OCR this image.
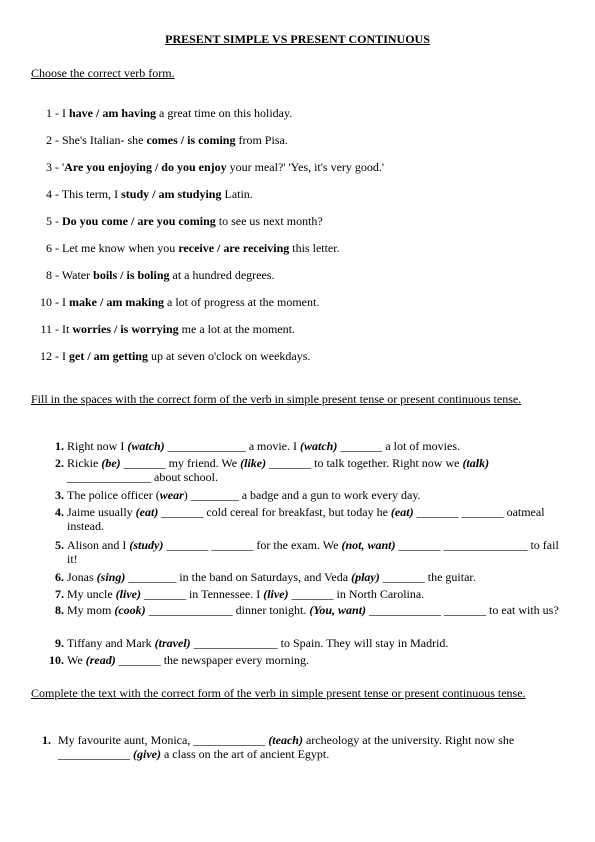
PRESENT SIMPLE VS PRESENT CONTINUOUS
Choose the correct verb form.
1 - I have / am having a great time on this holiday.
2 - She's Italian- she comes / is coming from Pisa.
3 - 'Are you enjoying / do you enjoy your meal?' 'Yes, it's very good.'
4 - This term, I study / am studying Latin.
5 - Do you come / are you coming to see us next month?
6 - Let me know when you receive / are receiving this letter.
8 - Water boils / is boling at a hundred degrees.
10 - I make / am making a lot of progress at the moment.
11 - It worries / is worrying me a lot at the moment.
12 - I get / am getting up at seven o'clock on weekdays.
Fill in the spaces with the correct form of the verb in simple present tense or present continuous tense.
1. Right now I (watch) _____________ a movie. I (watch) _______ a lot of movies.
2. Rickie (be) _______ my friend. We (like) _______ to talk together. Right now we (talk) ______________ about school.
3. The police officer (wear) ________ a badge and a gun to work every day.
4. Jaime usually (eat) _______ cold cereal for breakfast, but today he (eat) _______ _______ oatmeal instead.
5. Alison and I (study) _______ _______ for the exam. We (not, want) _______ ______________ to fail it!
6. Jonas (sing) ________ in the band on Saturdays, and Veda (play) _______ the guitar.
7. My uncle (live) _______ in Tennessee. I (live) _______ in North Carolina.
8. My mom (cook) ______________ dinner tonight. (You, want) ____________ _______ to eat with us?
9. Tiffany and Mark (travel) ______________ to Spain. They will stay in Madrid.
10. We (read) _______ the newspaper every morning.
Complete the text with the correct form of the verb in simple present tense or present continuous tense.
1. My favourite aunt, Monica, ____________ (teach) archeology at the university. Right now she ____________ (give) a class on the art of ancient Egypt.
